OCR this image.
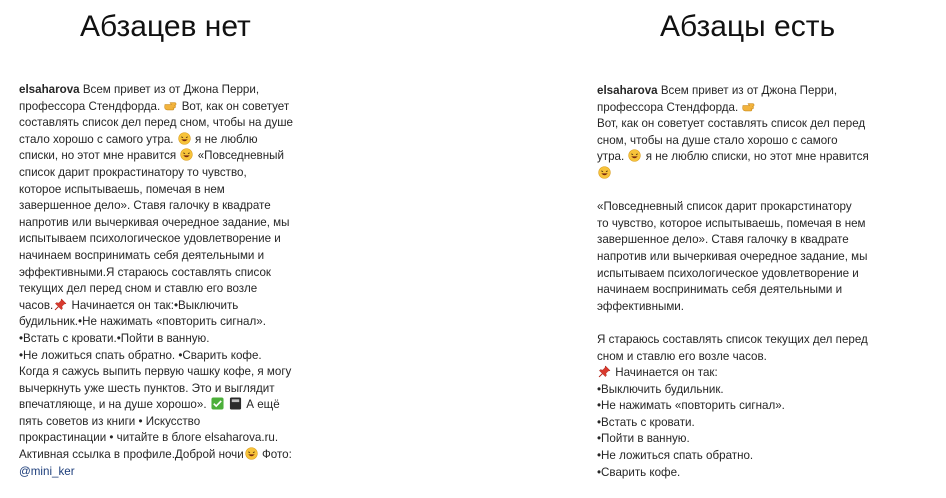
Абзацев нет	Абзацы есть
elsaharova Всем привет из от Джона Перри,
профессора Стендфорда. Вот, как он советует
составлять список дел перед сном, чтобы на душе
стало хорошо с самого утра. я не люблю
списки, но этот мне нравится «Повседневный
список дарит прокрастинатору то чувство,
которое испытываешь, помечая в нем
завершенное дело». Ставя галочку в квадрате
напротив или вычеркивая очередное задание, мы
испытываем психологическое удовлетворение и
начинаем воспринимать себя деятельными и
эффективными.Я стараюсь составлять список
текущих дел перед сном и ставлю его возле
часов. Начинается он так:•Выключить
будильник.•Не нажимать «повторить сигнал».
•Встать с кровати.•Пойти в ванную.
•Не ложиться спать обратно. •Сварить кофе.
Когда я сажусь выпить первую чашку кофе, я могу
вычеркнуть уже шесть пунктов. Это и выглядит
впечатляюще, и на душе хорошо».
	А ещё
пять советов из книги • Искусство
прокрастинации • читайте в блоге elsaharova.ru.
Активная ссылка в профиле.Доброй ночи Фото:
@mini_ker
elsaharova Всем привет из от Джона Перри,
профессора Стендфорда.
Вот, как он советует составлять список дел перед
сном, чтобы на душе стало хорошо с самого
утра. я не люблю списки, но этот мне нравится
«Повседневный список дарит прокарстинатору
то чувство, которое испытываешь, помечая в нем
завершенное дело». Ставя галочку в квадрате
напротив или вычеркивая очередное задание, мы
испытываем психологическое удовлетворение и
начинаем воспринимать себя деятельными и
эффективными.
Я стараюсь составлять список текущих дел перед
сном и ставлю его возле часов.
Начинается он так:
•Выключить будильник.
•Не нажимать «повторить сигнал».
•Встать с кровати.
•Пойти в ванную.
•Не ложиться спать обратно.
•Сварить кофе.
